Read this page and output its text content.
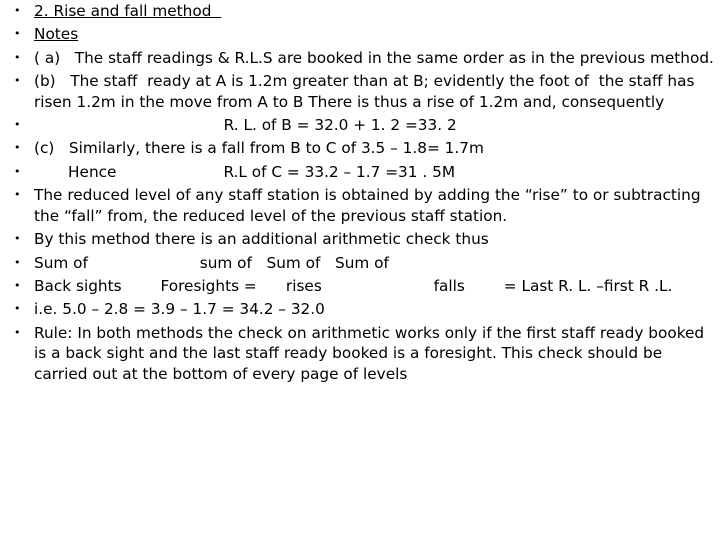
• 2. Rise and fall method
• Notes
• ( a)   The staff readings & R.L.S are booked in the same order as in the previous method.
• (b)   The staff  ready at A is 1.2m greater than at B; evidently the foot of  the staff has risen 1.2m in the move from A to B There is thus a rise of 1.2m and, consequently
• R. L. of B = 32.0 + 1. 2 =33. 2
• (c)   Similarly, there is a fall from B to C of 3.5 – 1.8= 1.7m
• Hence                      R.L of C = 33.2 – 1.7 =31 . 5M
• The reduced level of any staff station is obtained by adding the “rise” to or subtracting the “fall” from, the reduced level of the previous staff station.
• By this method there is an additional arithmetic check thus
• Sum of                       sum of   Sum of   Sum of
• Back sights        Foresights =      rises                       falls        = Last R. L. –first R .L.
• i.e. 5.0 – 2.8 = 3.9 – 1.7 = 34.2 – 32.0
• Rule: In both methods the check on arithmetic works only if the first staff ready booked is a back sight and the last staff ready booked is a foresight. This check should be carried out at the bottom of every page of levels
